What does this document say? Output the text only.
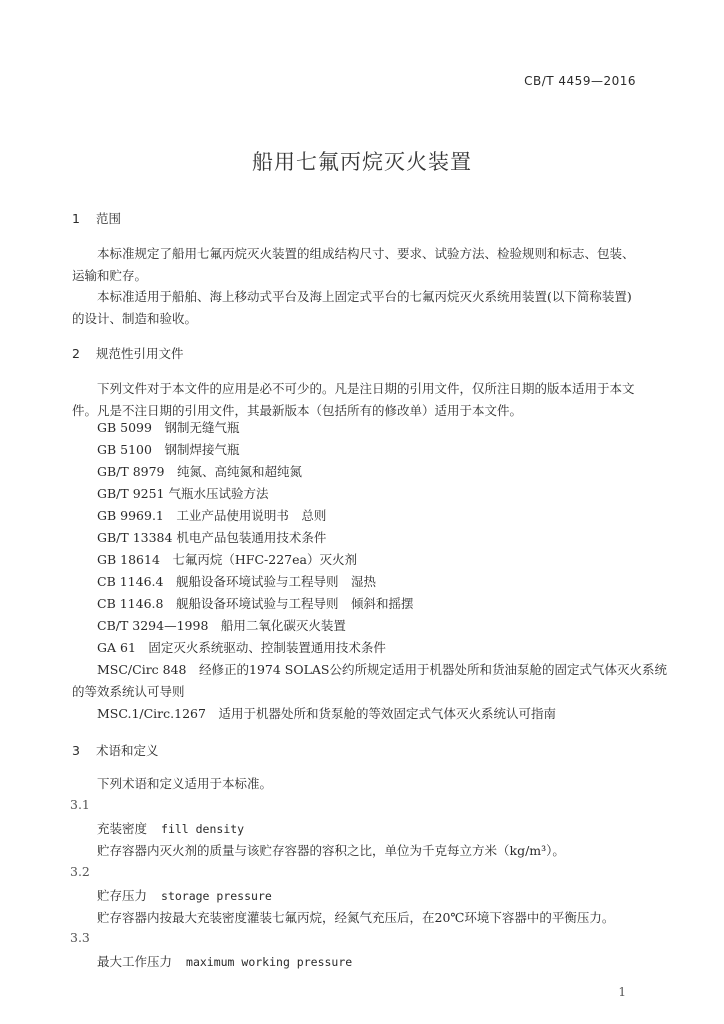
CB/T 4459—2016
船用七氟丙烷灭火装置
1 范围
本标准规定了船用七氟丙烷灭火装置的组成结构尺寸、要求、试验方法、检验规则和标志、包装、运输和贮存。
本标准适用于船舶、海上移动式平台及海上固定式平台的七氟丙烷灭火系统用装置(以下简称装置)的设计、制造和验收。
2 规范性引用文件
下列文件对于本文件的应用是必不可少的。凡是注日期的引用文件，仅所注日期的版本适用于本文件。凡是不注日期的引用文件，其最新版本（包括所有的修改单）适用于本文件。
GB 5099　钢制无缝气瓶
GB 5100　钢制焊接气瓶
GB/T 8979　纯氮、高纯氮和超纯氮
GB/T 9251 气瓶水压试验方法
GB 9969.1　工业产品使用说明书　总则
GB/T 13384 机电产品包装通用技术条件
GB 18614　七氟丙烷（HFC-227ea）灭火剂
CB 1146.4　舰船设备环境试验与工程导则　湿热
CB 1146.8　舰船设备环境试验与工程导则　倾斜和摇摆
CB/T 3294—1998　船用二氧化碳灭火装置
GA 61　固定灭火系统驱动、控制装置通用技术条件
MSC/Circ 848　经修正的1974 SOLAS公约所规定适用于机器处所和货油泵舱的固定式气体灭火系统
的等效系统认可导则
MSC.1/Circ.1267　适用于机器处所和货泵舱的等效固定式气体灭火系统认可指南
3 术语和定义
下列术语和定义适用于本标准。
3.1
充装密度 fill density
贮存容器内灭火剂的质量与该贮存容器的容积之比，单位为千克每立方米（kg/m³）。
3.2
贮存压力 storage pressure
贮存容器内按最大充装密度灌装七氟丙烷，经氮气充压后，在20℃环境下容器中的平衡压力。
3.3
最大工作压力 maximum working pressure
1
